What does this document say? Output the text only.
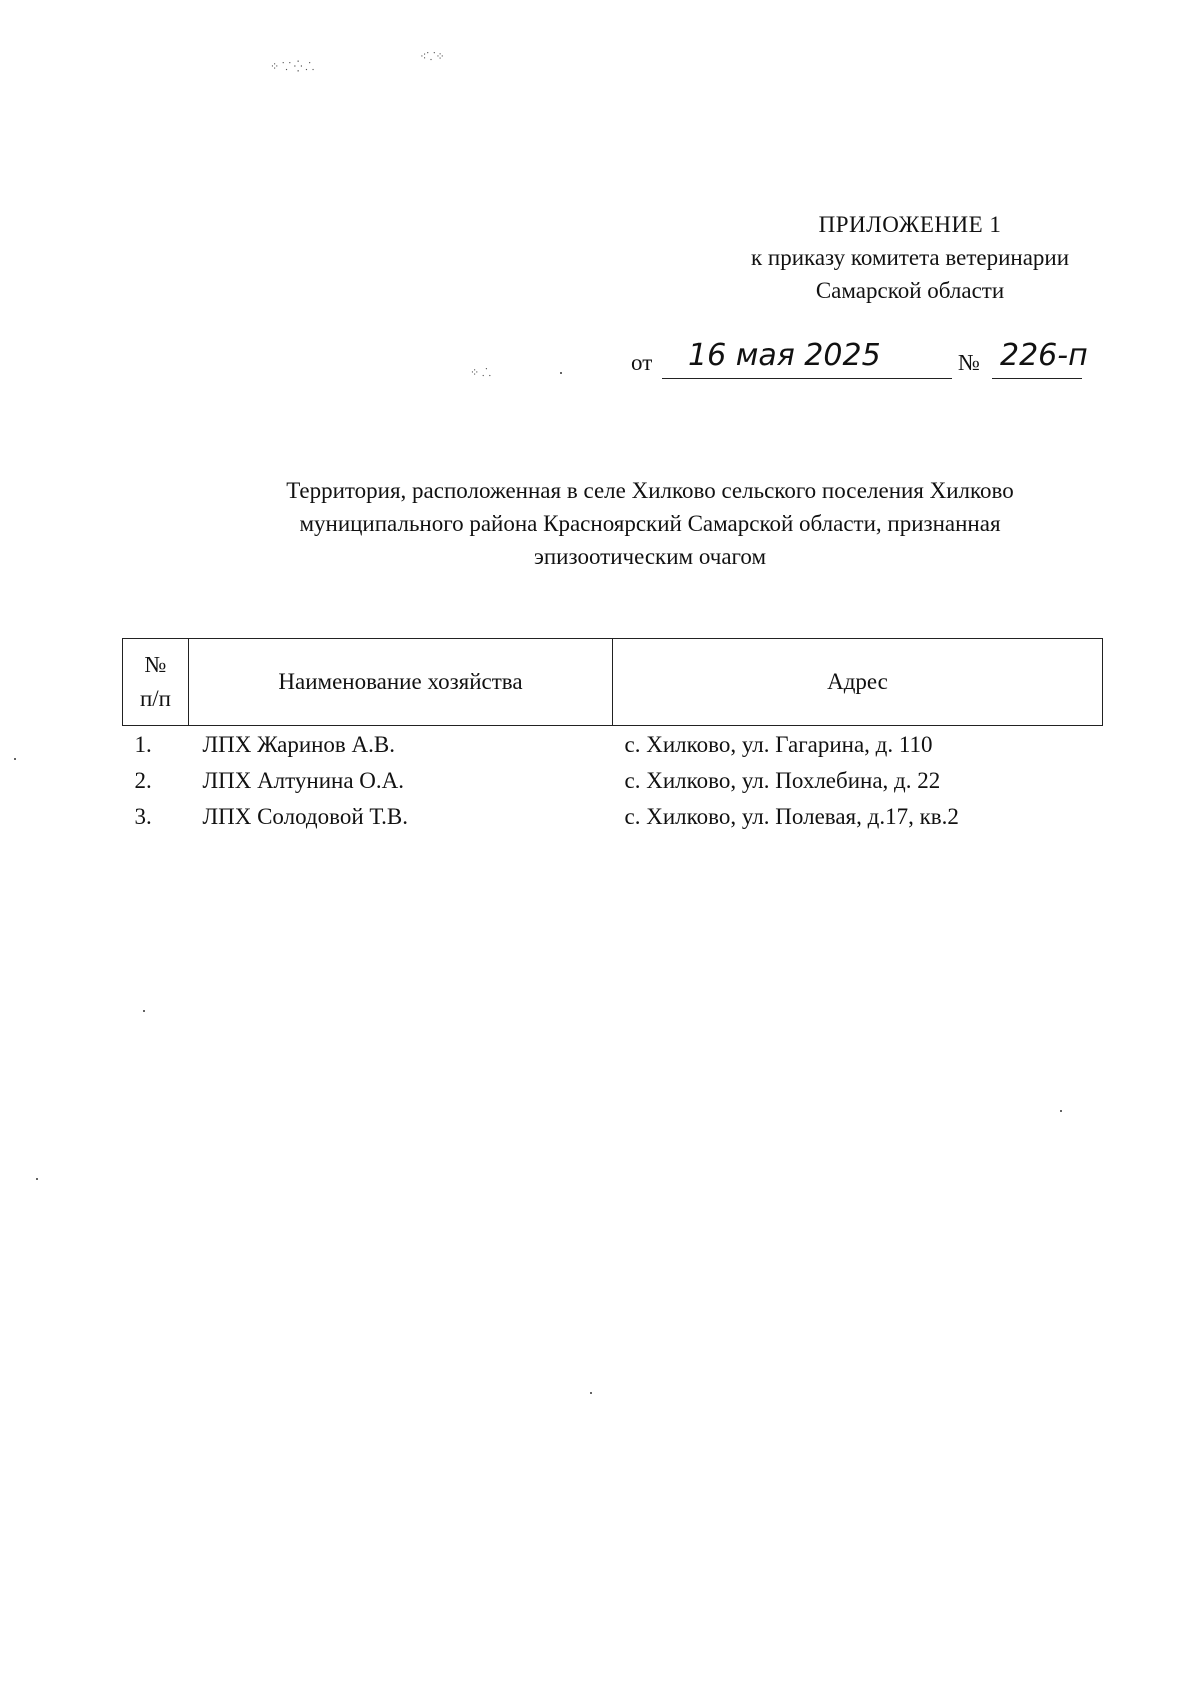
⁘ ⸪ ⁛ ⸫
⁖⸪⁘
⁘ ⸫
ПРИЛОЖЕНИЕ 1
к приказу комитета ветеринарии
Самарской области
от 16 мая 2025	№ 226-п
Территория, расположенная в селе Хилково сельского поселения Хилково
муниципального района Красноярский Самарской области, признанная
эпизоотическим очагом
№
п/п	Наименование хозяйства	Адрес
1.	ЛПХ Жаринов А.В.	с. Хилково, ул. Гагарина, д. 110
2.	ЛПХ Алтунина О.А.	с. Хилково, ул. Похлебина, д. 22
3.	ЛПХ Солодовой Т.В.	с. Хилково, ул. Полевая, д.17, кв.2
